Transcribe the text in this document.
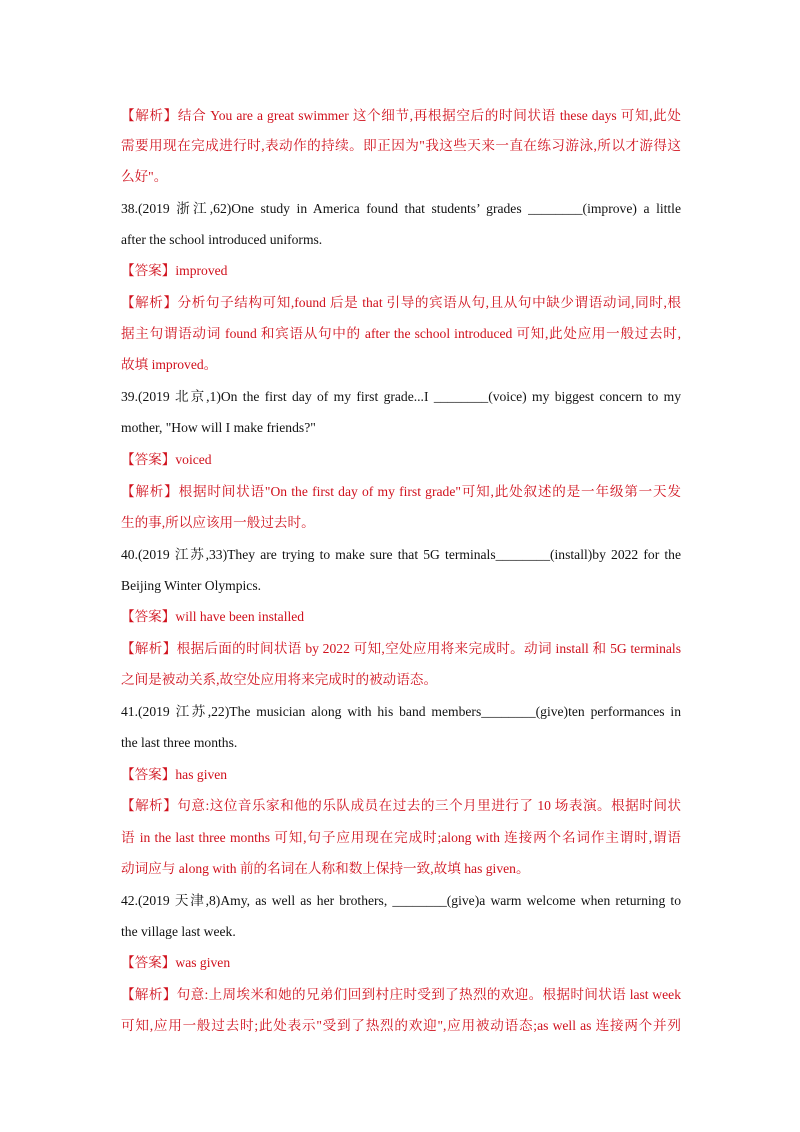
【解析】结合 You are a great swimmer 这个细节,再根据空后的时间状语 these days 可知,此处
需要用现在完成进行时,表动作的持续。即正因为"我这些天来一直在练习游泳,所以才游得这
么好"。
38.(2019 浙江,62)One study in America found that students’ grades ________(improve) a little
after the school introduced uniforms.
【答案】improved
【解析】分析句子结构可知,found 后是 that 引导的宾语从句,且从句中缺少谓语动词,同时,根
据主句谓语动词 found 和宾语从句中的 after the school introduced 可知,此处应用一般过去时,
故填 improved。
39.(2019 北京,1)On the first day of my first grade...I ________(voice) my biggest concern to my
mother, "How will I make friends?"
【答案】voiced
【解析】根据时间状语"On the first day of my first grade"可知,此处叙述的是一年级第一天发
生的事,所以应该用一般过去时。
40.(2019 江苏,33)They are trying to make sure that 5G terminals________(install)by 2022 for the
Beijing Winter Olympics.
【答案】will have been installed
【解析】根据后面的时间状语 by 2022 可知,空处应用将来完成时。动词 install 和 5G terminals
之间是被动关系,故空处应用将来完成时的被动语态。
41.(2019 江苏,22)The musician along with his band members________(give)ten performances in
the last three months.
【答案】has given
【解析】句意:这位音乐家和他的乐队成员在过去的三个月里进行了 10 场表演。根据时间状
语 in the last three months 可知,句子应用现在完成时;along with 连接两个名词作主谓时,谓语
动词应与 along with 前的名词在人称和数上保持一致,故填 has given。
42.(2019 天津,8)Amy, as well as her brothers, ________(give)a warm welcome when returning to
the village last week.
【答案】was given
【解析】句意:上周埃米和她的兄弟们回到村庄时受到了热烈的欢迎。根据时间状语 last week
可知,应用一般过去时;此处表示"受到了热烈的欢迎",应用被动语态;as well as 连接两个并列
